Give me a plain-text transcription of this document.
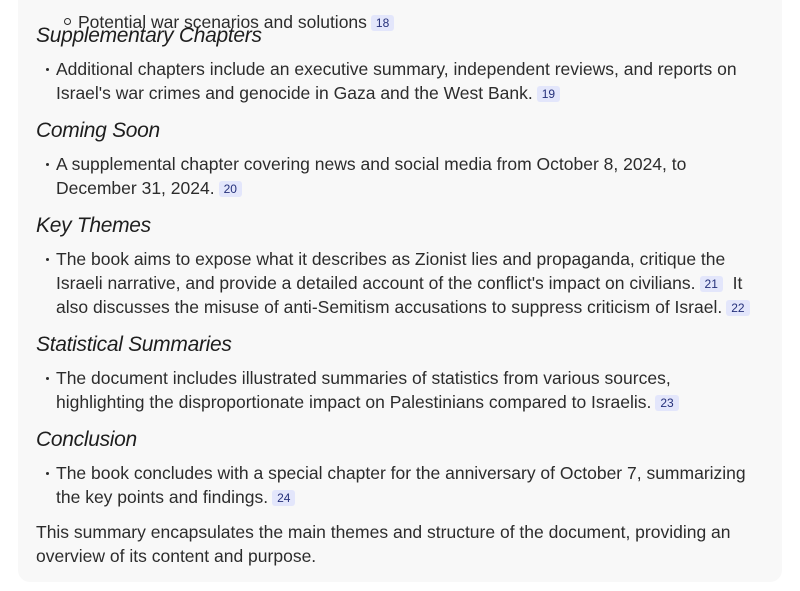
Potential war scenarios and solutions 18
Supplementary Chapters
Additional chapters include an executive summary, independent reviews, and reports on Israel's war crimes and genocide in Gaza and the West Bank. 19
Coming Soon
A supplemental chapter covering news and social media from October 8, 2024, to December 31, 2024. 20
Key Themes
The book aims to expose what it describes as Zionist lies and propaganda, critique the Israeli narrative, and provide a detailed account of the conflict's impact on civilians. 21 It also discusses the misuse of anti-Semitism accusations to suppress criticism of Israel. 22
Statistical Summaries
The document includes illustrated summaries of statistics from various sources, highlighting the disproportionate impact on Palestinians compared to Israelis. 23
Conclusion
The book concludes with a special chapter for the anniversary of October 7, summarizing the key points and findings. 24
This summary encapsulates the main themes and structure of the document, providing an overview of its content and purpose.
